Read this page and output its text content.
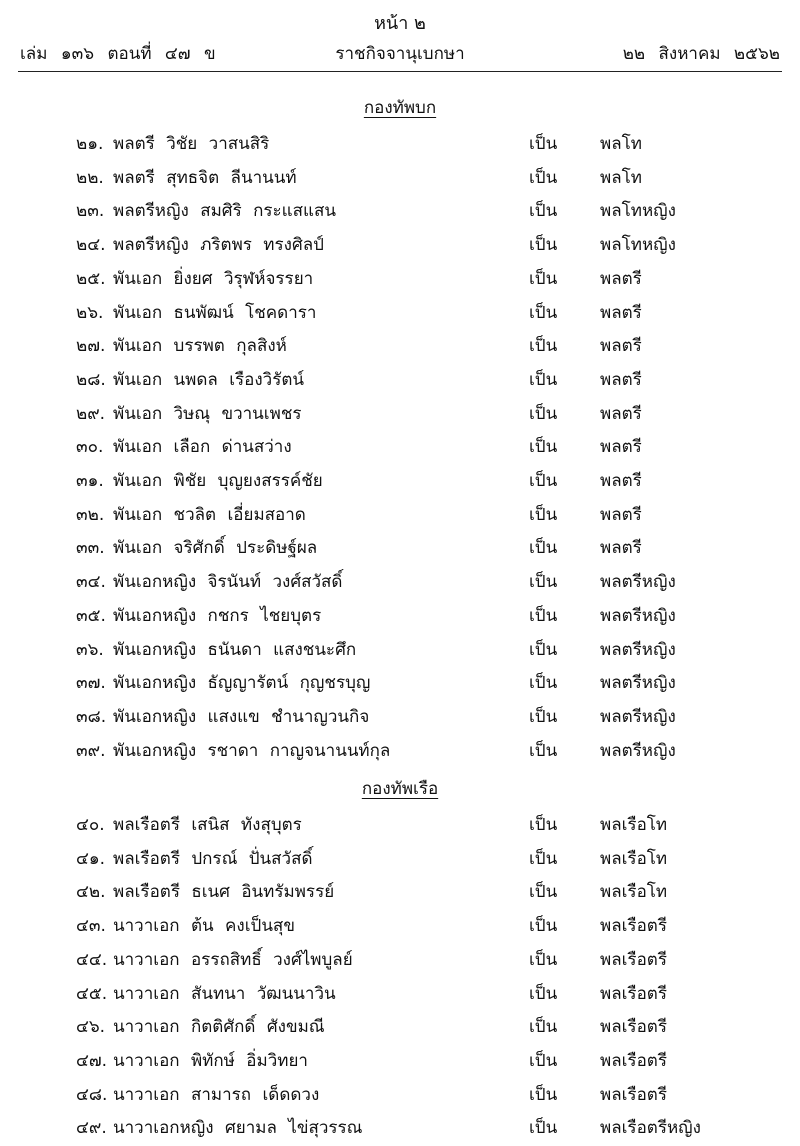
หน้า ๒
เล่ม ๑๓๖ ตอนที่ ๔๗ ข	ราชกิจจานุเบกษา	๒๒ สิงหาคม ๒๕๖๒
กองทัพบก
๒๑. พลตรี วิชัย วาสนสิริ	เป็น	พลโท
๒๒. พลตรี สุทธจิต ลีนานนท์	เป็น	พลโท
๒๓. พลตรีหญิง สมศิริ กระแสแสน	เป็น	พลโทหญิง
๒๔. พลตรีหญิง ภริตพร ทรงศิลป์	เป็น	พลโทหญิง
๒๕. พันเอก ยิ่งยศ วิรุฬห์จรรยา	เป็น	พลตรี
๒๖. พันเอก ธนพัฒน์ โชคดารา	เป็น	พลตรี
๒๗. พันเอก บรรพต กุลสิงห์	เป็น	พลตรี
๒๘. พันเอก นพดล เรืองวิรัตน์	เป็น	พลตรี
๒๙. พันเอก วิษณุ ขวานเพชร	เป็น	พลตรี
๓๐. พันเอก เลือก ด่านสว่าง	เป็น	พลตรี
๓๑. พันเอก พิชัย บุญยงสรรค์ชัย	เป็น	พลตรี
๓๒. พันเอก ชวลิต เอี่ยมสอาด	เป็น	พลตรี
๓๓. พันเอก จริศักดิ์ ประดิษฐ์ผล	เป็น	พลตรี
๓๔. พันเอกหญิง จิรนันท์ วงศ์สวัสดิ์	เป็น	พลตรีหญิง
๓๕. พันเอกหญิง กชกร ไชยบุตร	เป็น	พลตรีหญิง
๓๖. พันเอกหญิง ธนันดา แสงชนะศึก	เป็น	พลตรีหญิง
๓๗. พันเอกหญิง ธัญญารัตน์ กุญชรบุญ	เป็น	พลตรีหญิง
๓๘. พันเอกหญิง แสงแข ชำนาญวนกิจ	เป็น	พลตรีหญิง
๓๙. พันเอกหญิง รชาดา กาญจนานนท์กุล	เป็น	พลตรีหญิง
กองทัพเรือ
๔๐. พลเรือตรี เสนิส ทังสุบุตร	เป็น	พลเรือโท
๔๑. พลเรือตรี ปกรณ์ ปั่นสวัสดิ์	เป็น	พลเรือโท
๔๒. พลเรือตรี ธเนศ อินทรัมพรรย์	เป็น	พลเรือโท
๔๓. นาวาเอก ต้น คงเป็นสุข	เป็น	พลเรือตรี
๔๔. นาวาเอก อรรถสิทธิ์ วงศ์ไพบูลย์	เป็น	พลเรือตรี
๔๕. นาวาเอก สันทนา วัฒนนาวิน	เป็น	พลเรือตรี
๔๖. นาวาเอก กิตติศักดิ์ ศังขมณี	เป็น	พลเรือตรี
๔๗. นาวาเอก พิทักษ์ อิ่มวิทยา	เป็น	พลเรือตรี
๔๘. นาวาเอก สามารถ เด็ดดวง	เป็น	พลเรือตรี
๔๙. นาวาเอกหญิง ศยามล ไข่สุวรรณ	เป็น	พลเรือตรีหญิง
